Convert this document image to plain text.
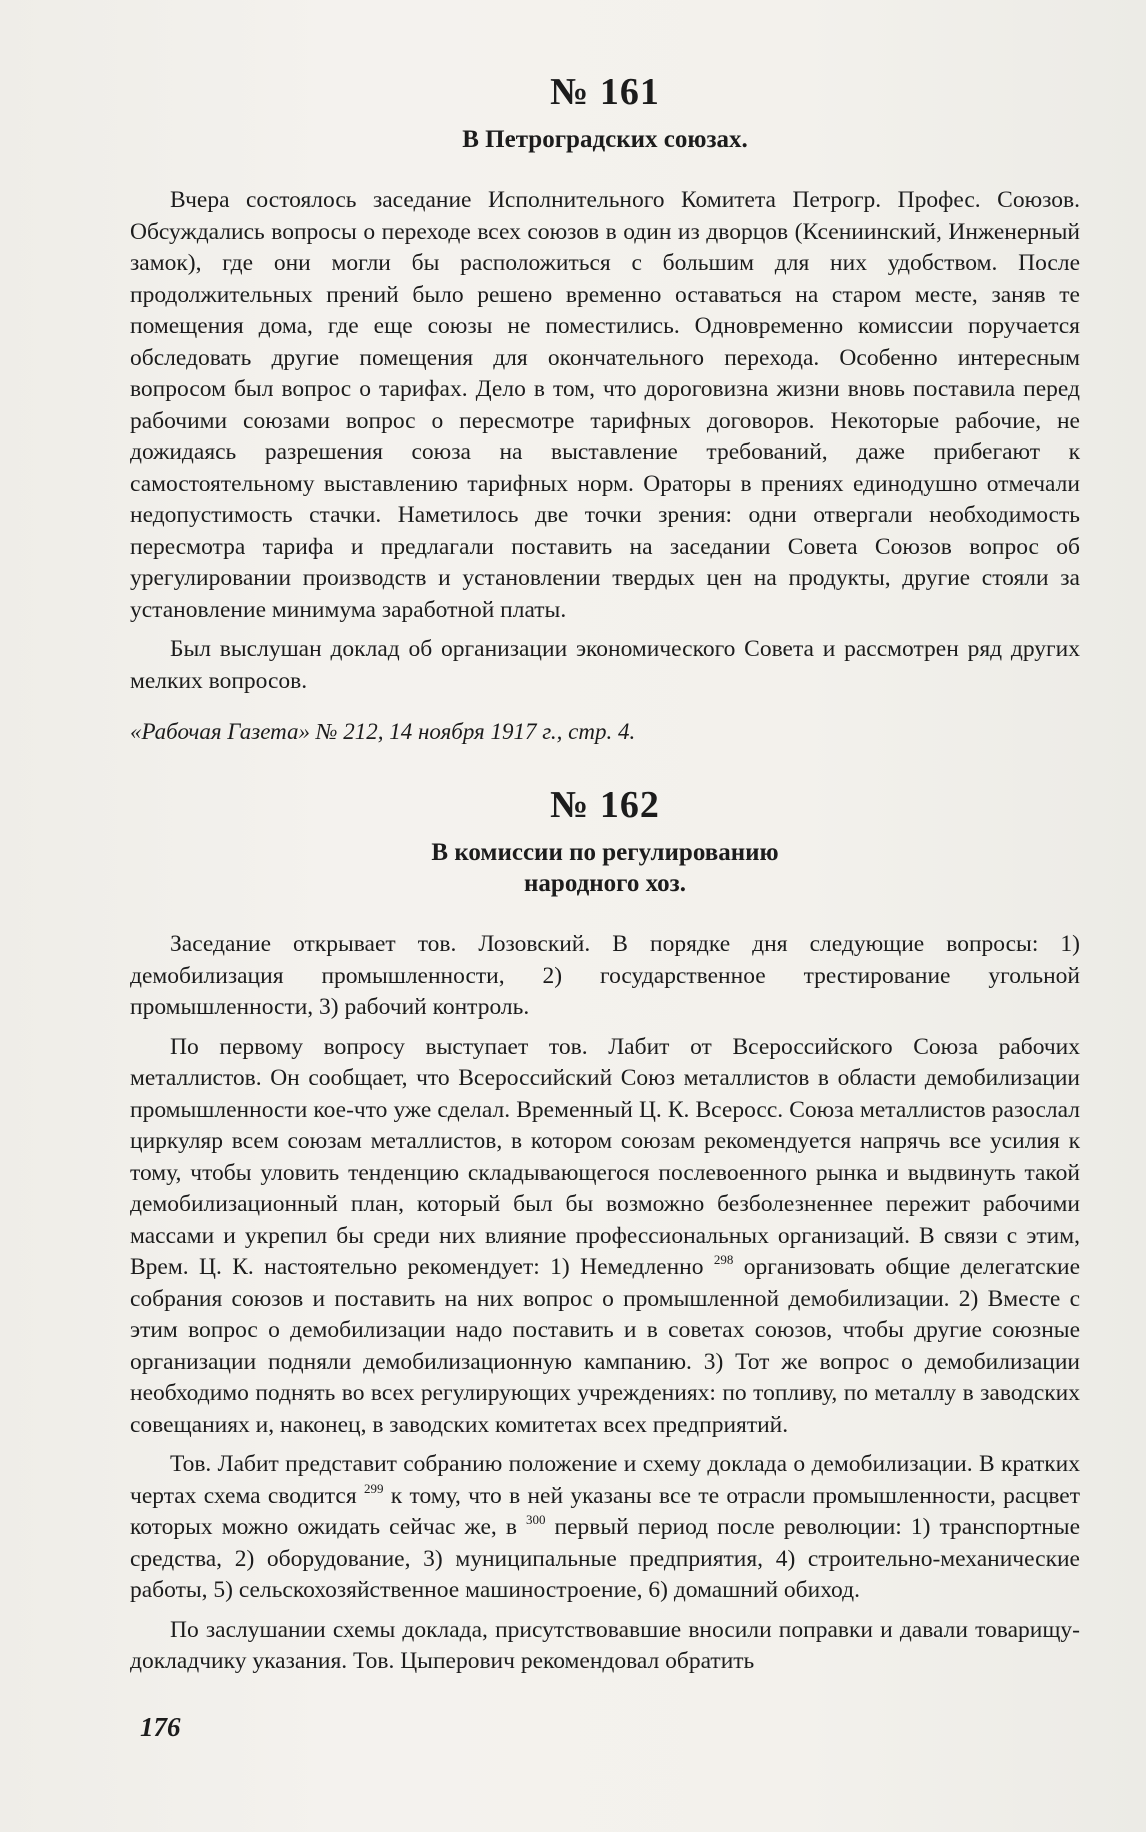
№ 161
В Петроградских союзах.

Вчера состоялось заседание Исполнительного Комитета Петрогр. Профес. Союзов. Обсуждались вопросы о переходе всех союзов в один из дворцов (Ксениинский, Инженерный замок), где они могли бы расположиться с большим для них удобством. После продолжительных прений было решено временно оставаться на старом месте, заняв те помещения дома, где еще союзы не поместились. Одновременно комиссии поручается обследовать другие помещения для окончательного перехода. Особенно интересным вопросом был вопрос о тарифах. Дело в том, что дороговизна жизни вновь поставила перед рабочими союзами вопрос о пересмотре тарифных договоров. Некоторые рабочие, не дожидаясь разрешения союза на выставление требований, даже прибегают к самостоятельному выставлению тарифных норм. Ораторы в прениях единодушно отмечали недопустимость стачки. Наметилось две точки зрения: одни отвергали необходимость пересмотра тарифа и предлагали поставить на заседании Совета Союзов вопрос об урегулировании производств и установлении твердых цен на продукты, другие стояли за установление минимума заработной платы.

Был выслушан доклад об организации экономического Совета и рассмотрен ряд других мелких вопросов.

«Рабочая Газета» № 212, 14 ноября 1917 г., стр. 4.

№ 162
В комиссии по регулированию
народного хоз.

Заседание открывает тов. Лозовский. В порядке дня следующие вопросы: 1) демобилизация промышленности, 2) государственное трестирование угольной промышленности, 3) рабочий контроль.

По первому вопросу выступает тов. Лабит от Всероссийского Союза рабочих металлистов. Он сообщает, что Всероссийский Союз металлистов в области демобилизации промышленности кое-что уже сделал. Временный Ц. К. Всеросс. Союза металлистов разослал циркуляр всем союзам металлистов, в котором союзам рекомендуется напрячь все усилия к тому, чтобы уловить тенденцию складывающегося послевоенного рынка и выдвинуть такой демобилизационный план, который был бы возможно безболезненнее пережит рабочими массами и укрепил бы среди них влияние профессиональных организаций. В связи с этим, Врем. Ц. К. настоятельно рекомендует: 1) Немедленно $^{298}$ организовать общие делегатские собрания союзов и поставить на них вопрос о промышленной демобилизации. 2) Вместе с этим вопрос о демобилизации надо поставить и в советах союзов, чтобы другие союзные организации подняли демобилизационную кампанию. 3) Тот же вопрос о демобилизации необходимо поднять во всех регулирующих учреждениях: по топливу, по металлу в заводских совещаниях и, наконец, в заводских комитетах всех предприятий.

Тов. Лабит представит собранию положение и схему доклада о демобилизации. В кратких чертах схема сводится $^{299}$ к тому, что в ней указаны все те отрасли промышленности, расцвет которых можно ожидать сейчас же, в $^{300}$ первый период после революции: 1) транспортные средства, 2) оборудование, 3) муниципальные предприятия, 4) строительно-механические работы, 5) сельскохозяйственное машиностроение, 6) домашний обиход.

По заслушании схемы доклада, присутствовавшие вносили поправки и давали товарищу-докладчику указания. Тов. Цыперович рекомендовал обратить

176
